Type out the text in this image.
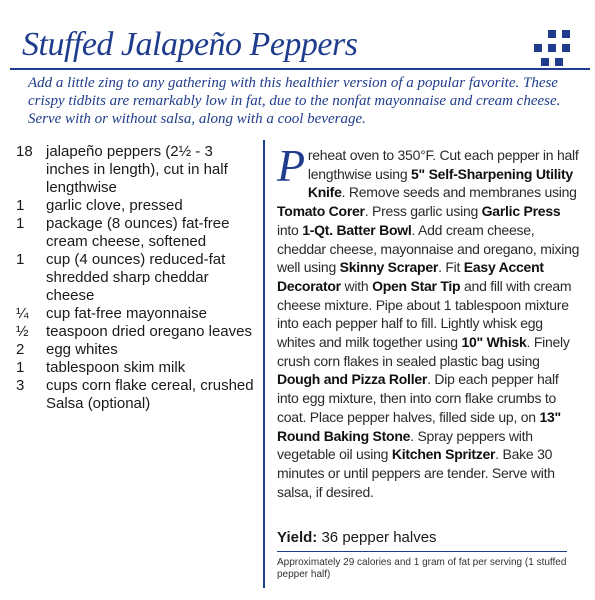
Stuffed Jalapeño Peppers

Add a little zing to any gathering with this healthier version of a popular favorite. These crispy tidbits are remarkably low in fat, due to the nonfat mayonnaise and cream cheese. Serve with or without salsa, along with a cool beverage.

18 jalapeño peppers (2½ - 3 inches in length), cut in half lengthwise
1	garlic clove, pressed
1	package (8 ounces) fat-free cream cheese, softened
1	cup (4 ounces) reduced-fat shredded sharp cheddar cheese
¼	cup fat-free mayonnaise
½	teaspoon dried oregano leaves
2	egg whites
1	tablespoon skim milk
3	cups corn flake cereal, crushed
Salsa (optional)

Preheat oven to 350°F. Cut each pepper in half lengthwise using 5" Self-Sharpening Utility Knife. Remove seeds and membranes using Tomato Corer. Press garlic using Garlic Press into 1-Qt. Batter Bowl. Add cream cheese, cheddar cheese, mayonnaise and oregano, mixing well using Skinny Scraper. Fit Easy Accent Decorator with Open Star Tip and fill with cream cheese mixture. Pipe about 1 tablespoon mixture into each pepper half to fill. Lightly whisk egg whites and milk together using 10" Whisk. Finely crush corn flakes in sealed plastic bag using Dough and Pizza Roller. Dip each pepper half into egg mixture, then into corn flake crumbs to coat. Place pepper halves, filled side up, on 13" Round Baking Stone. Spray peppers with vegetable oil using Kitchen Spritzer. Bake 30 minutes or until peppers are tender. Serve with salsa, if desired.

Yield: 36 pepper halves

Approximately 29 calories and 1 gram of fat per serving (1 stuffed pepper half)
